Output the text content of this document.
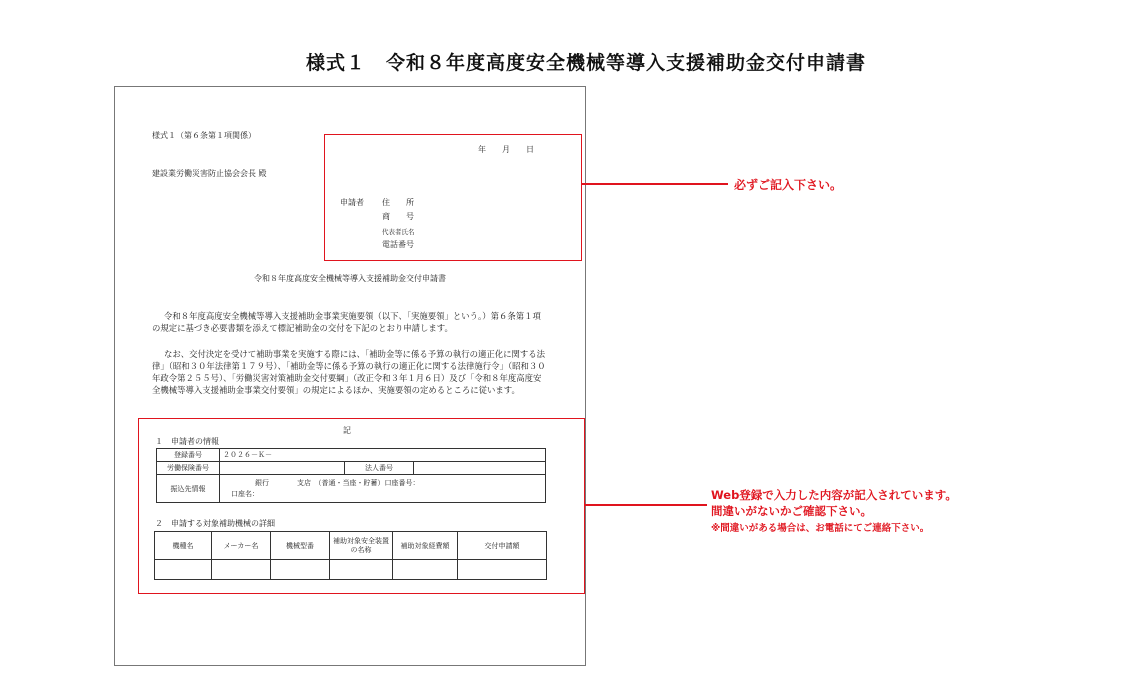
様式１　令和８年度高度安全機械等導入支援補助金交付申請書
様式１（第６条第１項関係）
建設業労働災害防止協会会長 殿
年　　月　　日
申請者 住　　所
商　　号
代表者氏名
電話番号
令和８年度高度安全機械等導入支援補助金交付申請書
令和８年度高度安全機械等導入支援補助金事業実施要領（以下、「実施要領」という。）第６条第１項の規定に基づき必要書類を添えて標記補助金の交付を下記のとおり申請します。
なお、交付決定を受けて補助事業を実施する際には、「補助金等に係る予算の執行の適正化に関する法律」（昭和３０年法律第１７９号）、「補助金等に係る予算の執行の適正化に関する法律施行令」（昭和３０年政令第２５５号）、「労働災害対策補助金交付要綱」（改正令和３年１月６日）及び「令和８年度高度安全機械等導入支援補助金事業交付要領」の規定によるほか、実施要領の定めるところに従います。
記
１　申請者の情報
登録番号	２０２６－Ｋ－		
労働保険番号		法人番号	
振込先情報	銀行　　　　支店　（普通・当座・貯蓄）口座番号：
口座名：		
２　申請する対象補助機械の詳細
機種名	メーカー名	機械型番	補助対象安全装置の名称	補助対象経費額	交付申請額

必ずご記入下さい。
Web登録で入力した内容が記入されています。
間違いがないかご確認下さい。
※間違いがある場合は、お電話にてご連絡下さい。
